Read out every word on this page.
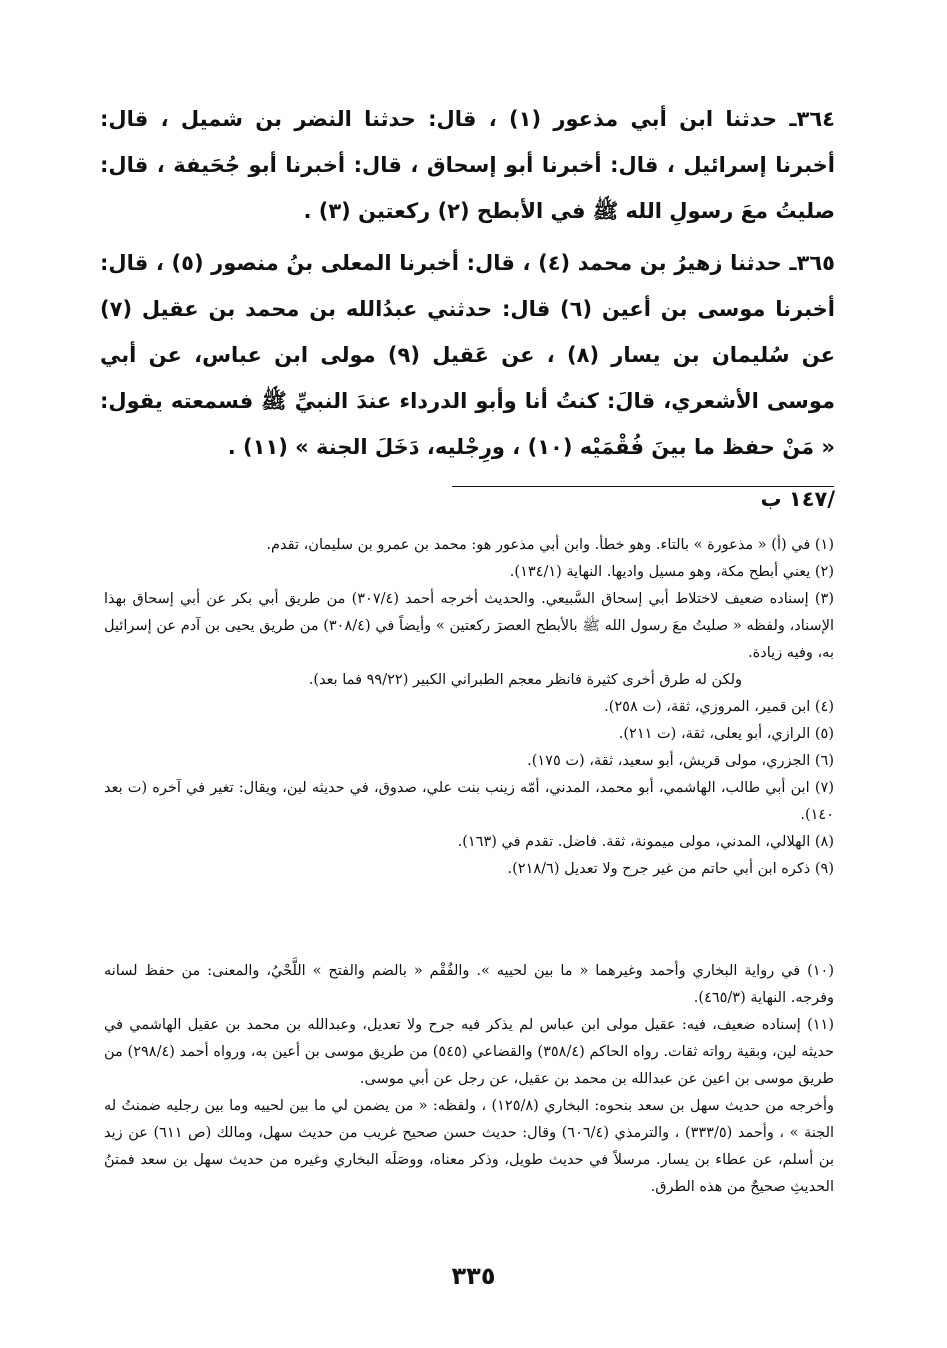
٣٦٤ـ حدثنا ابن أبي مذعور (١) ، قال: حدثنا النضر بن شميل ، قال: أخبرنا إسرائيل ، قال: أخبرنا أبو إسحاق ، قال: أخبرنا أبو جُحَيفة ، قال: صليتُ معَ رسولِ الله ﷺ في الأبطح (٢) ركعتين (٣) .

٣٦٥ـ حدثنا زهيرُ بن محمد (٤) ، قال: أخبرنا المعلى بنُ منصور (٥) ، قال: أخبرنا موسى بن أعين (٦) قال: حدثني عبدُالله بن محمد بن عقيل (٧) عن سُليمان بن يسار (٨) ، عن عَقيل (٩) مولى ابن عباس، عن أبي موسى الأشعري، قالَ: كنتُ أنا وأبو الدرداء عندَ النبيِّ ﷺ فسمعته يقول: « مَنْ حفظ ما بينَ فُقْمَيْه (١٠) ، ورِجْليه، دَخَلَ الجنة » (١١) .

/١٤٧ ب

(١) في (أ) « مذعورة » بالتاء. وهو خطأ. وابن أبي مذعور هو: محمد بن عمرو بن سليمان، تقدم.

(٢) يعني أبطح مكة، وهو مسيل واديها. النهاية (١٣٤/١).

(٣) إسناده ضعيف لاختلاط أبي إسحاق السَّبيعي. والحديث أخرجه أحمد (٣٠٧/٤) من طريق أبي بكر عن أبي إسحاق بهذا الإسناد، ولفظه « صليتُ معَ رسول الله ﷺ بالأبطح العصرَ ركعتين » وأيضاً في (٣٠٨/٤) من طريق يحيى بن آدم عن إسرائيل به، وفيه زيادة.

ولكن له طرق أخرى كثيرة فانظر معجم الطبراني الكبير (٩٩/٢٢ فما بعد).

(٤) ابن قمير، المروزي، ثقة، (ت ٢٥٨).

(٥) الرازي، أبو يعلى، ثقة، (ت ٢١١).

(٦) الجزري، مولى قريش، أبو سعيد، ثقة، (ت ١٧٥).

(٧) ابن أبي طالب، الهاشمي، أبو محمد، المدني، أمّه زينب بنت علي، صدوق، في حديثه لين، ويقال: تغير في آخره (ت بعد ١٤٠).

(٨) الهلالي، المدني، مولى ميمونة، ثقة. فاضل. تقدم في (١٦٣).

(٩) ذكره ابن أبي حاتم من غير جرح ولا تعديل (٢١٨/٦).

(١٠) في رواية البخاري وأحمد وغيرهما « ما بين لحييه ». والفُقْم « بالضم والفتح » اللَّحْيُ، والمعنى: من حفظ لسانه وفرجه. النهاية (٤٦٥/٣).

(١١) إسناده ضعيف، فيه: عقيل مولى ابن عباس لم يذكر فيه جرح ولا تعديل، وعبدالله بن محمد بن عقيل الهاشمي في حديثه لين، وبقية رواته ثقات. رواه الحاكم (٣٥٨/٤) والقضاعي (٥٤٥) من طريق موسى بن أعين به، ورواه أحمد (٢٩٨/٤) من طريق موسى بن اعين عن عبدالله بن محمد بن عقيل، عن رجل عن أبي موسى.

وأخرجه من حديث سهل بن سعد بنحوه: البخاري (١٢٥/٨) ، ولفظه: « من يضمن لي ما بين لحييه وما بين رجليه ضمنتُ له الجنة » ، وأحمد (٣٣٣/٥) ، والترمذي (٦٠٦/٤) وقال: حديث حسن صحيح غريب من حديث سهل، ومالك (ص ٦١١) عن زيد بن أسلم، عن عطاء بن يسار. مرسلاً في حديث طويل، وذكر معناه، ووصَلَه البخاري وغيره من حديث سهل بن سعد فمتنُ الحديثِ صحيحٌ من هذه الطرق.

٣٣٥
